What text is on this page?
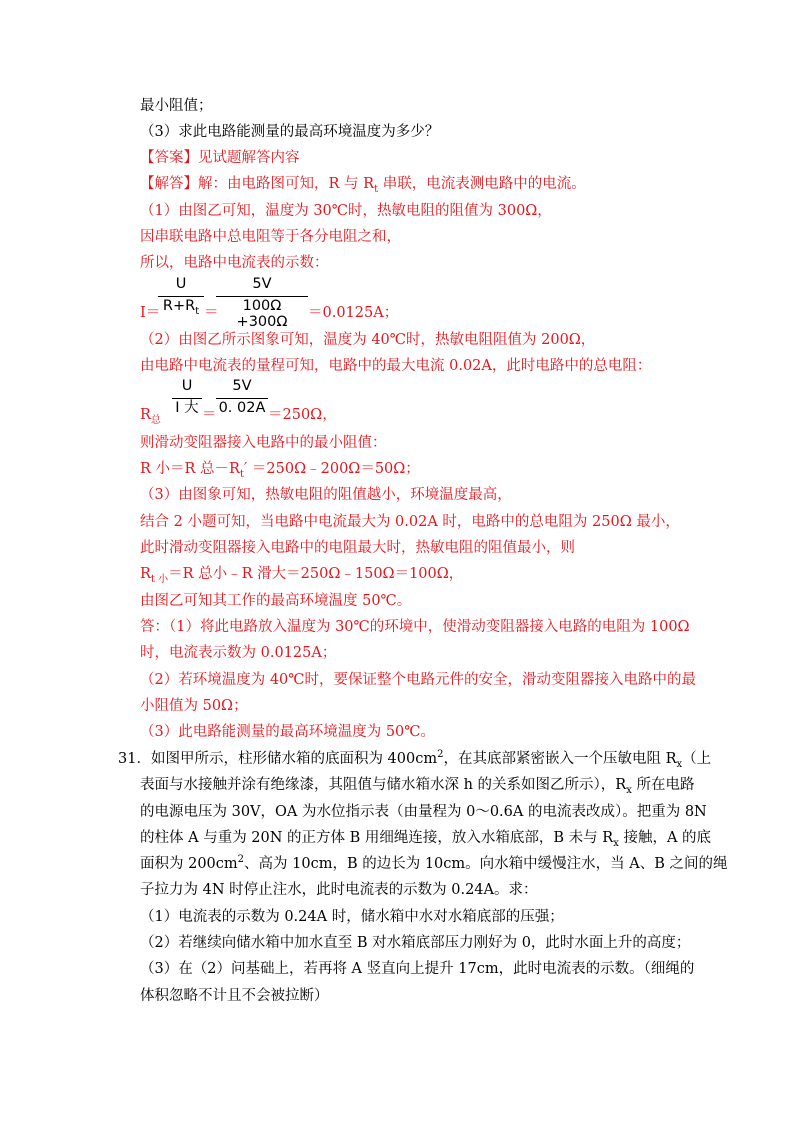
最小阻值；
（3）求此电路能测量的最高环境温度为多少？
【答案】见试题解答内容
【解答】解：由电路图可知，R 与 $R_t$ 串联，电流表测电路中的电流。
（1）由图乙可知，温度为 30℃时，热敏电阻的阻值为 300Ω，
因串联电路中总电阻等于各分电阻之和，
所以，电路中电流表的示数：
I＝
U
$R+R_t$ ＝
5V
100Ω +300Ω
＝0.0125A；
（2）由图乙所示图象可知，温度为 40℃时，热敏电阻阻值为 200Ω，
由电路中电流表的量程可知，电路中的最大电流 0.02A，此时电路中的总电阻：
$R_总$
U
I 大 ＝
5V
0. 02A ＝250Ω，
则滑动变阻器接入电路中的最小阻值：
R 小＝R 总$-R_t'$ ＝250Ω﹣200Ω＝50Ω；
（3）由图象可知，热敏电阻的阻值越小，环境温度最高，
结合 2 小题可知，当电路中电流最大为 0.02A 时，电路中的总电阻为 250Ω 最小，
此时滑动变阻器接入电路中的电阻最大时，热敏电阻的阻值最小，则
$R_{t 小}=R$ 总小﹣R 滑大＝250Ω﹣150Ω＝100Ω，
由图乙可知其工作的最高环境温度 50℃。
答：（1）将此电路放入温度为 30℃的环境中，使滑动变阻器接入电路的电阻为 100Ω
时，电流表示数为 0.0125A；
（2）若环境温度为 40℃时，要保证整个电路元件的安全，滑动变阻器接入电路中的最
小阻值为 50Ω；
（3）此电路能测量的最高环境温度为 50℃。
31．如图甲所示，柱形储水箱的底面积为 $400cm^2$，在其底部紧密嵌入一个压敏电阻 $R_x$（上
表面与水接触并涂有绝缘漆，其阻值与储水箱水深 h 的关系如图乙所示），$R_x$ 所在电路
的电源电压为 30V，OA 为水位指示表（由量程为 0～0.6A 的电流表改成）。把重为 8N
的柱体 A 与重为 20N 的正方体 B 用细绳连接，放入水箱底部，B 未与 $R_x$ 接触，A 的底
面积为 $200cm^2$、高为 10cm，B 的边长为 10cm。向水箱中缓慢注水，当 A、B 之间的绳
子拉力为 4N 时停止注水，此时电流表的示数为 0.24A。求：
（1）电流表的示数为 0.24A 时，储水箱中水对水箱底部的压强；
（2）若继续向储水箱中加水直至 B 对水箱底部压力刚好为 0，此时水面上升的高度；
（3）在（2）问基础上，若再将 A 竖直向上提升 17cm，此时电流表的示数。（细绳的
体积忽略不计且不会被拉断）
